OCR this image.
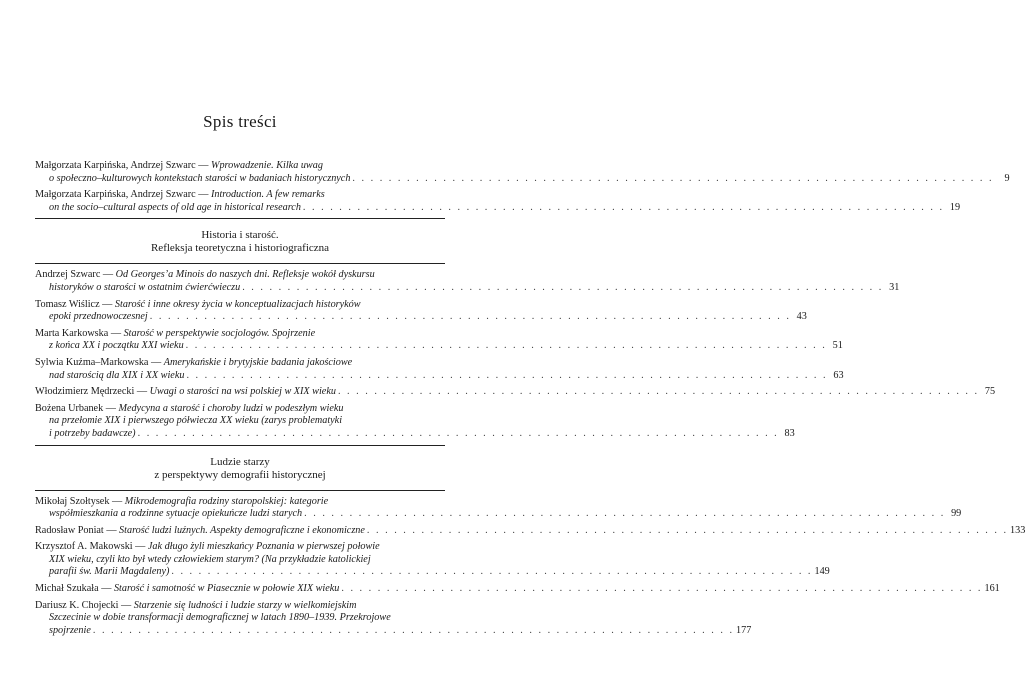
Spis treści
Małgorzata Karpińska, Andrzej Szwarc — Wprowadzenie. Kilka uwag
o społeczno–kulturowych kontekstach starości w badaniach historycznych . . . . . . . . . . . . . . . . . . . . . . . . . . . . . . . . . . . . . . . . . . . . . . . . . . . . . . . . . . . . . . . . . . . . . . .	9
Małgorzata Karpińska, Andrzej Szwarc — Introduction. A few remarks
on the socio–cultural aspects of old age in historical research . . . . . . . . . . . . . . . . . . . . . . . . . . . . . . . . . . . . . . . . . . . . . . . . . . . . . . . . . . . . . . . . . . . . . . . 19
Historia i starość.
Refleksja teoretyczna i historiograficzna
Andrzej Szwarc — Od Georges’a Minois do naszych dni. Refleksje wokół dyskursu
historyków o starości w ostatnim ćwierćwieczu . . . . . . . . . . . . . . . . . . . . . . . . . . . . . . . . . . . . . . . . . . . . . . . . . . . . . . . . . . . . . . . . . . . . . . . 31
Tomasz Wiślicz — Starość i inne okresy życia w konceptualizacjach historyków
epoki przednowoczesnej . . . . . . . . . . . . . . . . . . . . . . . . . . . . . . . . . . . . . . . . . . . . . . . . . . . . . . . . . . . . . . . . . . . . . . . 43
Marta Karkowska — Starość w perspektywie socjologów. Spojrzenie
z końca XX i początku XXI wieku . . . . . . . . . . . . . . . . . . . . . . . . . . . . . . . . . . . . . . . . . . . . . . . . . . . . . . . . . . . . . . . . . . . . . . . 51
Sylwia Kuźma–Markowska — Amerykańskie i brytyjskie badania jakościowe
nad starością dla XIX i XX wieku . . . . . . . . . . . . . . . . . . . . . . . . . . . . . . . . . . . . . . . . . . . . . . . . . . . . . . . . . . . . . . . . . . . . . . . 63
Włodzimierz Mędrzecki — Uwagi o starości na wsi polskiej w XIX wieku . . . . . . . . . . . . . . . . . . . . . . . . . . . . . . . . . . . . . . . . . . . . . . . . . . . . . . . . . . . . . . . . . . . . . . . 75
Bożena Urbanek — Medycyna a starość i choroby ludzi w podeszłym wieku
na przełomie XIX i pierwszego półwiecza XX wieku (zarys problematyki
i potrzeby badawcze) . . . . . . . . . . . . . . . . . . . . . . . . . . . . . . . . . . . . . . . . . . . . . . . . . . . . . . . . . . . . . . . . . . . . . . . 83
Ludzie starzy
z perspektywy demografii historycznej
Mikołaj Szołtysek — Mikrodemografia rodziny staropolskiej: kategorie
współmieszkania a rodzinne sytuacje opiekuńcze ludzi starych . . . . . . . . . . . . . . . . . . . . . . . . . . . . . . . . . . . . . . . . . . . . . . . . . . . . . . . . . . . . . . . . . . . . . . . 99
Radosław Poniat — Starość ludzi luźnych. Aspekty demograficzne i ekonomiczne . . . . . . . . . . . . . . . . . . . . . . . . . . . . . . . . . . . . . . . . . . . . . . . . . . . . . . . . . . . . . . . . . . . . . . . 133
Krzysztof A. Makowski — Jak długo żyli mieszkańcy Poznania w pierwszej połowie
XIX wieku, czyli kto był wtedy człowiekiem starym? (Na przykładzie katolickiej
parafii św. Marii Magdaleny) . . . . . . . . . . . . . . . . . . . . . . . . . . . . . . . . . . . . . . . . . . . . . . . . . . . . . . . . . . . . . . . . . . . . . . . 149
Michał Szukała — Starość i samotność w Piasecznie w połowie XIX wieku . . . . . . . . . . . . . . . . . . . . . . . . . . . . . . . . . . . . . . . . . . . . . . . . . . . . . . . . . . . . . . . . . . . . . . . 161
Dariusz K. Chojecki — Starzenie się ludności i ludzie starzy w wielkomiejskim
Szczecinie w dobie transformacji demograficznej w latach 1890–1939. Przekrojowe
spojrzenie . . . . . . . . . . . . . . . . . . . . . . . . . . . . . . . . . . . . . . . . . . . . . . . . . . . . . . . . . . . . . . . . . . . . . . . 177
